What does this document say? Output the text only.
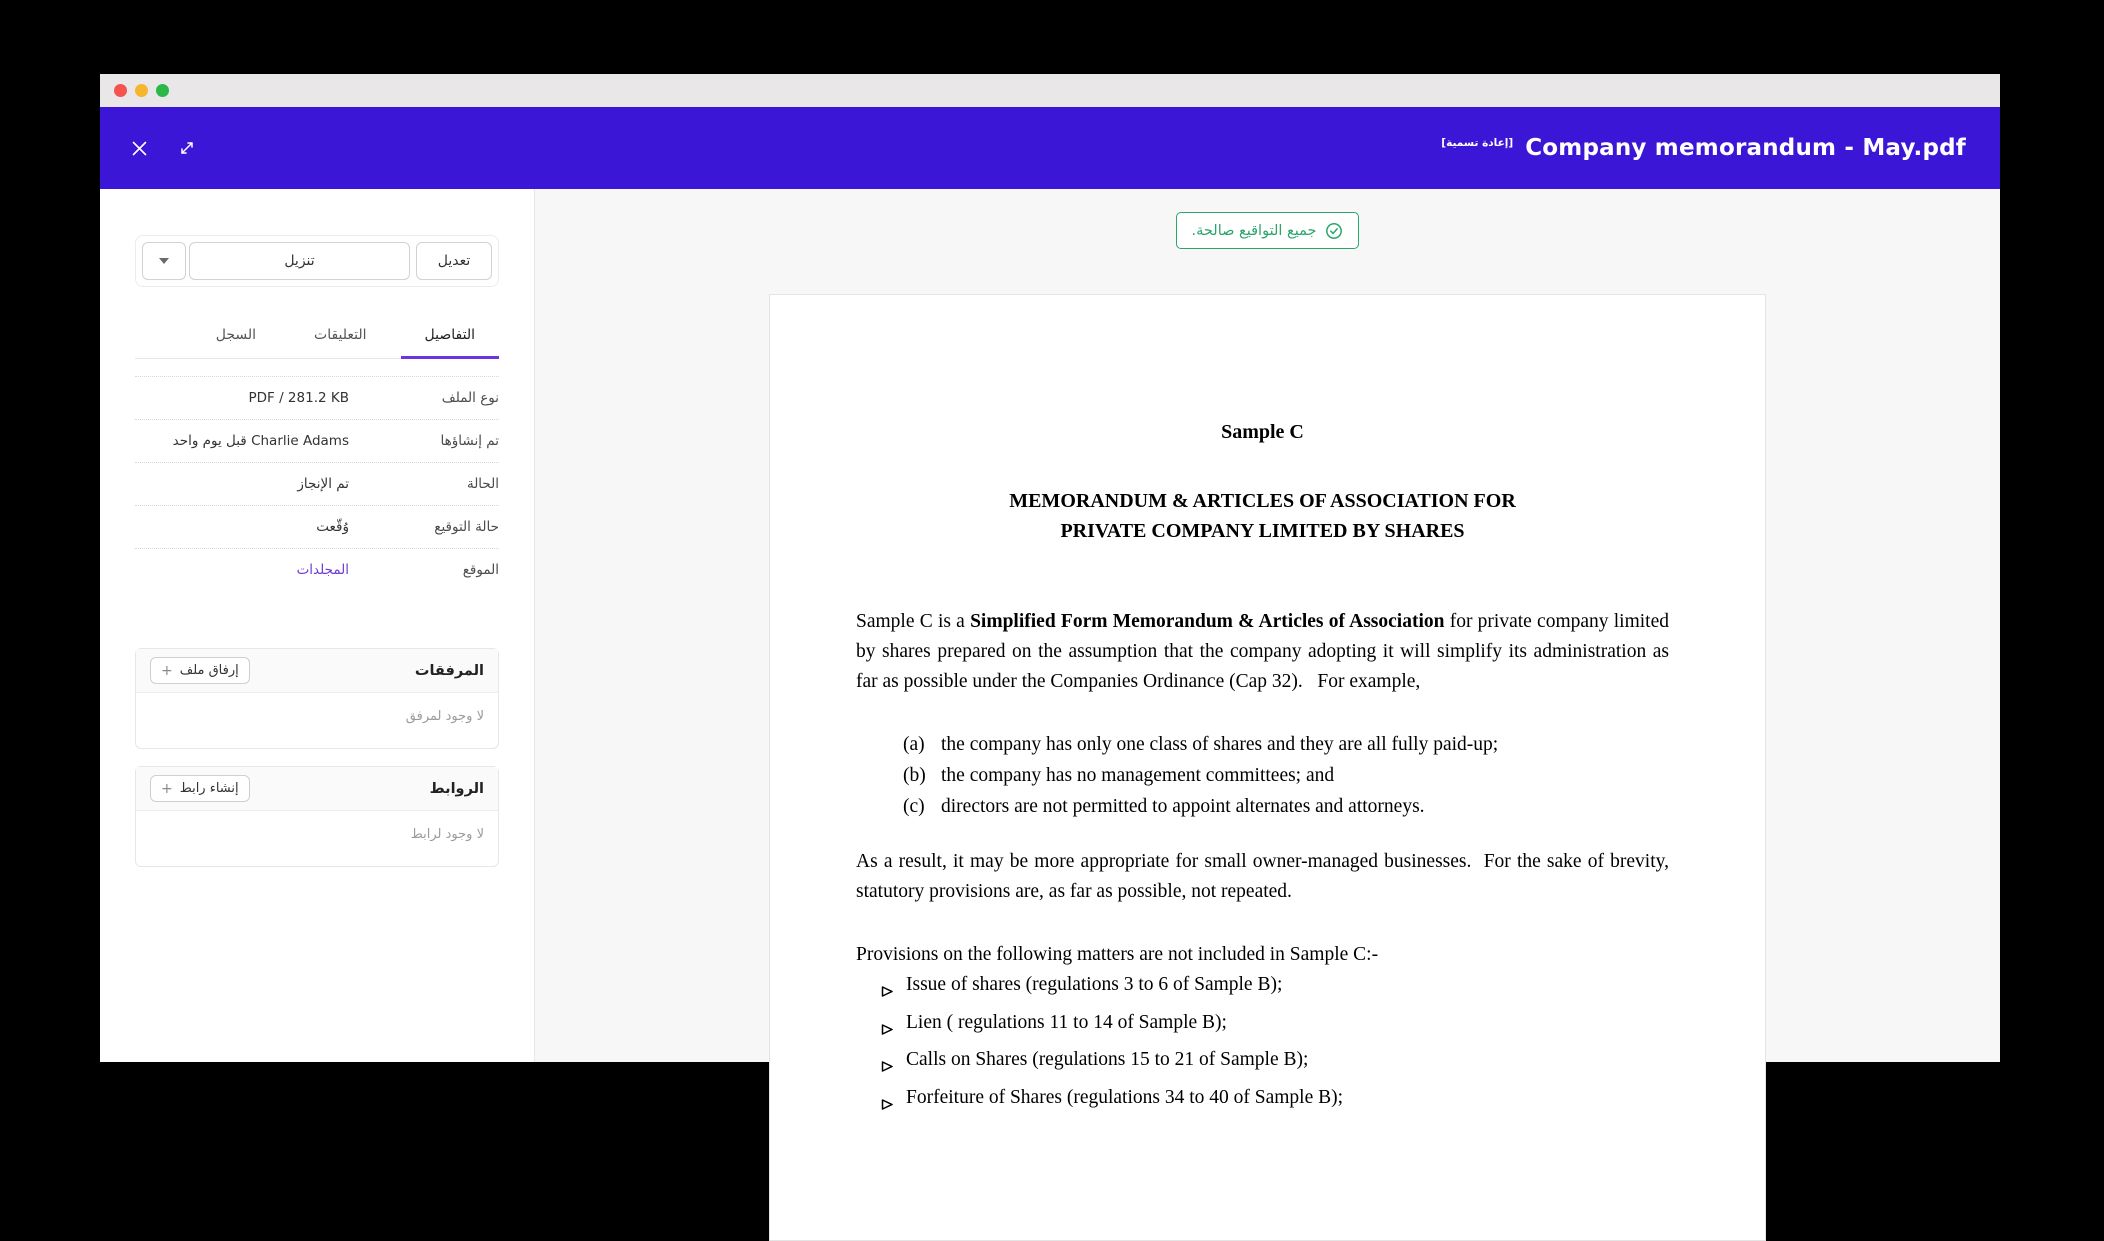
[إعادة تسمية] Company memorandum - May.pdf
تعديل
تنزيل
التفاصيل
التعليقات
السجل
نوع الملف
PDF / 281.2 KB
تم إنشاؤها
Charlie Adams قبل يوم واحد
الحالة
تم الإنجاز
حالة التوقيع
وُقّعت
الموقع
المجلدات
المرفقات
إرفاق ملف
+
لا وجود لمرفق
الروابط
إنشاء رابط
+
لا وجود لرابط
جميع التواقيع صالحة.
Sample C
MEMORANDUM & ARTICLES OF ASSOCIATION FOR
PRIVATE COMPANY LIMITED BY SHARES

Sample C is a Simplified Form Memorandum & Articles of Association for private company limited by shares prepared on the assumption that the company adopting it will simplify its administration as far as possible under the Companies Ordinance (Cap 32).   For example,

(a) the company has only one class of shares and they are all fully paid-up;
(b) the company has no management committees; and
(c) directors are not permitted to appoint alternates and attorneys.

As a result, it may be more appropriate for small owner-managed businesses.  For the sake of brevity, statutory provisions are, as far as possible, not repeated.

Provisions on the following matters are not included in Sample C:-

Issue of shares (regulations 3 to 6 of Sample B);
Lien ( regulations 11 to 14 of Sample B);
Calls on Shares (regulations 15 to 21 of Sample B);
Forfeiture of Shares (regulations 34 to 40 of Sample B);
